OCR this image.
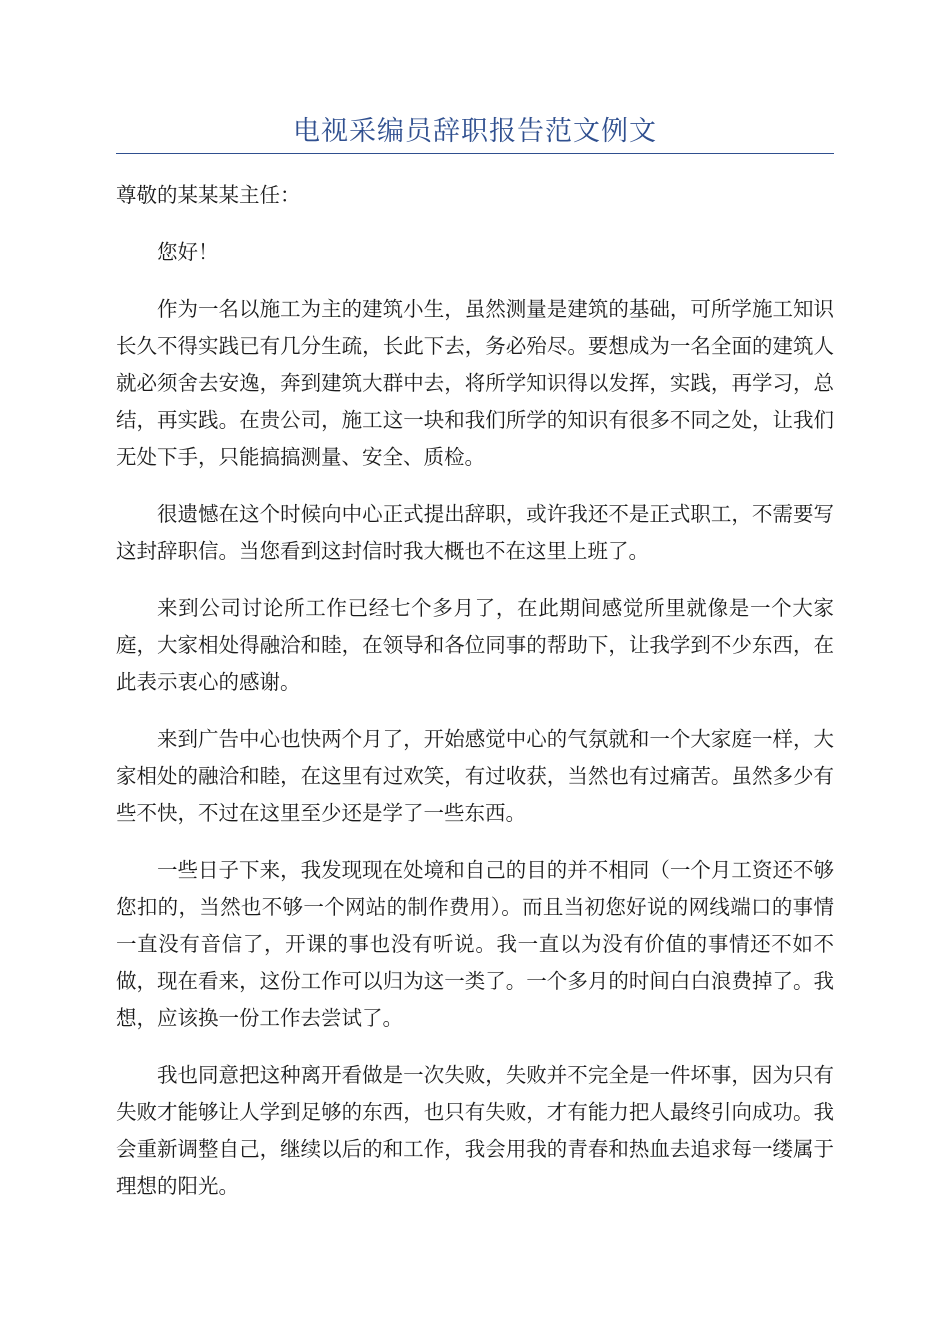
电视采编员辞职报告范文例文

尊敬的某某某主任：

您好！

作为一名以施工为主的建筑小生，虽然测量是建筑的基础，可所学施工知识长久不得实践已有几分生疏，长此下去，务必殆尽。要想成为一名全面的建筑人就必须舍去安逸，奔到建筑大群中去，将所学知识得以发挥，实践，再学习，总结，再实践。在贵公司，施工这一块和我们所学的知识有很多不同之处，让我们无处下手，只能搞搞测量、安全、质检。

很遗憾在这个时候向中心正式提出辞职，或许我还不是正式职工，不需要写这封辞职信。当您看到这封信时我大概也不在这里上班了。

来到公司讨论所工作已经七个多月了，在此期间感觉所里就像是一个大家庭，大家相处得融洽和睦，在领导和各位同事的帮助下，让我学到不少东西，在此表示衷心的感谢。

来到广告中心也快两个月了，开始感觉中心的气氛就和一个大家庭一样，大家相处的融洽和睦，在这里有过欢笑，有过收获，当然也有过痛苦。虽然多少有些不快，不过在这里至少还是学了一些东西。

一些日子下来，我发现现在处境和自己的目的并不相同（一个月工资还不够您扣的，当然也不够一个网站的制作费用）。而且当初您好说的网线端口的事情一直没有音信了，开课的事也没有听说。我一直以为没有价值的事情还不如不做，现在看来，这份工作可以归为这一类了。一个多月的时间白白浪费掉了。我想，应该换一份工作去尝试了。

我也同意把这种离开看做是一次失败，失败并不完全是一件坏事，因为只有失败才能够让人学到足够的东西，也只有失败，才有能力把人最终引向成功。我会重新调整自己，继续以后的和工作，我会用我的青春和热血去追求每一缕属于理想的阳光。
